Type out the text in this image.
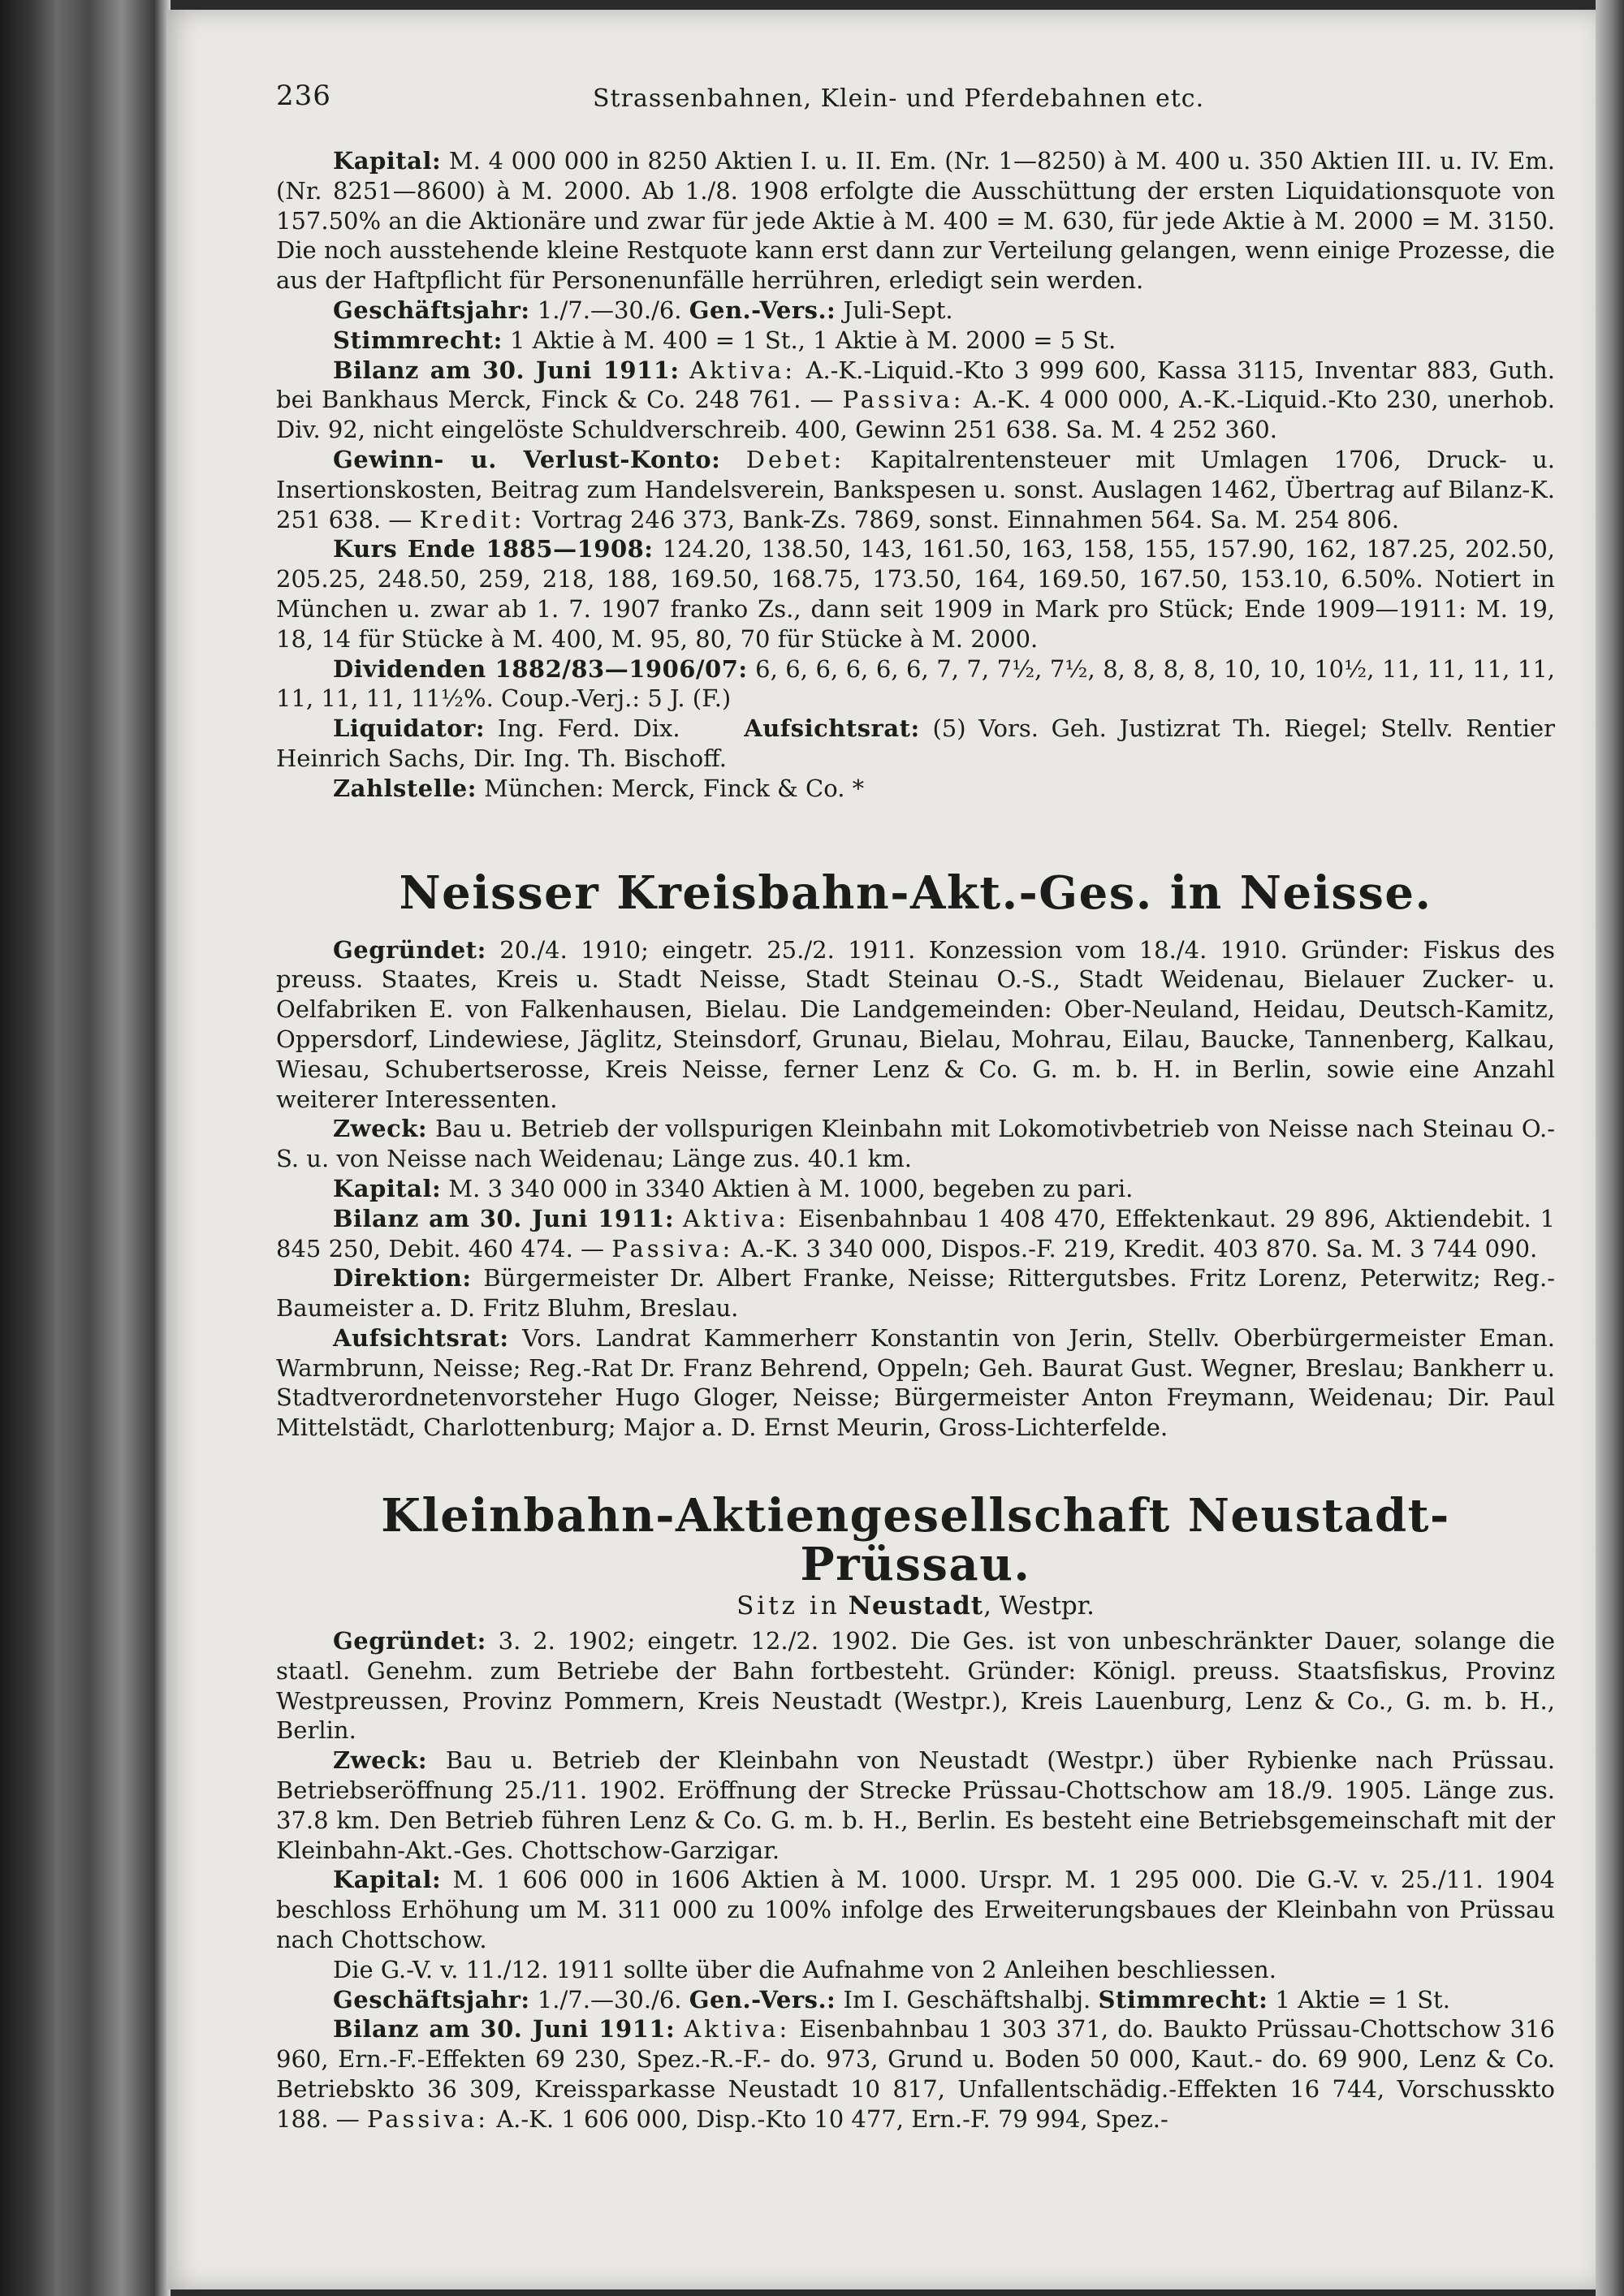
236	Strassenbahnen, Klein- und Pferdebahnen etc.

Kapital: M. 4 000 000 in 8250 Aktien I. u. II. Em. (Nr. 1—8250) à M. 400 u. 350 Aktien III. u. IV. Em. (Nr. 8251—8600) à M. 2000. Ab 1./8. 1908 erfolgte die Ausschüttung der ersten Liquidationsquote von 157.50% an die Aktionäre und zwar für jede Aktie à M. 400 = M. 630, für jede Aktie à M. 2000 = M. 3150. Die noch ausstehende kleine Restquote kann erst dann zur Verteilung gelangen, wenn einige Prozesse, die aus der Haftpflicht für Personenunfälle herrühren, erledigt sein werden.

Geschäftsjahr: 1./7.—30./6. Gen.-Vers.: Juli-Sept.

Stimmrecht: 1 Aktie à M. 400 = 1 St., 1 Aktie à M. 2000 = 5 St.

Bilanz am 30. Juni 1911: Aktiva: A.-K.-Liquid.-Kto 3 999 600, Kassa 3115, Inventar 883, Guth. bei Bankhaus Merck, Finck & Co. 248 761. — Passiva: A.-K. 4 000 000, A.-K.-Liquid.-Kto 230, unerhob. Div. 92, nicht eingelöste Schuldverschreib. 400, Gewinn 251 638. Sa. M. 4 252 360.

Gewinn- u. Verlust-Konto: Debet: Kapitalrentensteuer mit Umlagen 1706, Druck- u. Insertionskosten, Beitrag zum Handelsverein, Bankspesen u. sonst. Auslagen 1462, Übertrag auf Bilanz-K. 251 638. — Kredit: Vortrag 246 373, Bank-Zs. 7869, sonst. Einnahmen 564. Sa. M. 254 806.

Kurs Ende 1885—1908: 124.20, 138.50, 143, 161.50, 163, 158, 155, 157.90, 162, 187.25, 202.50, 205.25, 248.50, 259, 218, 188, 169.50, 168.75, 173.50, 164, 169.50, 167.50, 153.10, 6.50%. Notiert in München u. zwar ab 1. 7. 1907 franko Zs., dann seit 1909 in Mark pro Stück; Ende 1909—1911: M. 19, 18, 14 für Stücke à M. 400, M. 95, 80, 70 für Stücke à M. 2000.

Dividenden 1882/83—1906/07: 6, 6, 6, 6, 6, 6, 7, 7, 7½, 7½, 8, 8, 8, 8, 10, 10, 10½, 11, 11, 11, 11, 11, 11, 11, 11½%. Coup.-Verj.: 5 J. (F.)

Liquidator: Ing. Ferd. Dix.	Aufsichtsrat: (5) Vors. Geh. Justizrat Th. Riegel; Stellv. Rentier Heinrich Sachs, Dir. Ing. Th. Bischoff.

Zahlstelle: München: Merck, Finck & Co. *

Neisser Kreisbahn-Akt.-Ges. in Neisse.

Gegründet: 20./4. 1910; eingetr. 25./2. 1911. Konzession vom 18./4. 1910. Gründer: Fiskus des preuss. Staates, Kreis u. Stadt Neisse, Stadt Steinau O.-S., Stadt Weidenau, Bielauer Zucker- u. Oelfabriken E. von Falkenhausen, Bielau. Die Landgemeinden: Ober-Neuland, Heidau, Deutsch-Kamitz, Oppersdorf, Lindewiese, Jäglitz, Steinsdorf, Grunau, Bielau, Mohrau, Eilau, Baucke, Tannenberg, Kalkau, Wiesau, Schubertserosse, Kreis Neisse, ferner Lenz & Co. G. m. b. H. in Berlin, sowie eine Anzahl weiterer Interessenten.

Zweck: Bau u. Betrieb der vollspurigen Kleinbahn mit Lokomotivbetrieb von Neisse nach Steinau O.-S. u. von Neisse nach Weidenau; Länge zus. 40.1 km.

Kapital: M. 3 340 000 in 3340 Aktien à M. 1000, begeben zu pari.

Bilanz am 30. Juni 1911: Aktiva: Eisenbahnbau 1 408 470, Effektenkaut. 29 896, Aktiendebit. 1 845 250, Debit. 460 474. — Passiva: A.-K. 3 340 000, Dispos.-F. 219, Kredit. 403 870. Sa. M. 3 744 090.

Direktion: Bürgermeister Dr. Albert Franke, Neisse; Rittergutsbes. Fritz Lorenz, Peterwitz; Reg.-Baumeister a. D. Fritz Bluhm, Breslau.

Aufsichtsrat: Vors. Landrat Kammerherr Konstantin von Jerin, Stellv. Oberbürgermeister Eman. Warmbrunn, Neisse; Reg.-Rat Dr. Franz Behrend, Oppeln; Geh. Baurat Gust. Wegner, Breslau; Bankherr u. Stadtverordnetenvorsteher Hugo Gloger, Neisse; Bürgermeister Anton Freymann, Weidenau; Dir. Paul Mittelstädt, Charlottenburg; Major a. D. Ernst Meurin, Gross-Lichterfelde.

Kleinbahn-Aktiengesellschaft Neustadt-Prüssau.
Sitz in Neustadt, Westpr.

Gegründet: 3. 2. 1902; eingetr. 12./2. 1902. Die Ges. ist von unbeschränkter Dauer, solange die staatl. Genehm. zum Betriebe der Bahn fortbesteht. Gründer: Königl. preuss. Staatsfiskus, Provinz Westpreussen, Provinz Pommern, Kreis Neustadt (Westpr.), Kreis Lauenburg, Lenz & Co., G. m. b. H., Berlin.

Zweck: Bau u. Betrieb der Kleinbahn von Neustadt (Westpr.) über Rybienke nach Prüssau. Betriebseröffnung 25./11. 1902. Eröffnung der Strecke Prüssau-Chottschow am 18./9. 1905. Länge zus. 37.8 km. Den Betrieb führen Lenz & Co. G. m. b. H., Berlin. Es besteht eine Betriebsgemeinschaft mit der Kleinbahn-Akt.-Ges. Chottschow-Garzigar.

Kapital: M. 1 606 000 in 1606 Aktien à M. 1000. Urspr. M. 1 295 000. Die G.-V. v. 25./11. 1904 beschloss Erhöhung um M. 311 000 zu 100% infolge des Erweiterungsbaues der Kleinbahn von Prüssau nach Chottschow.

Die G.-V. v. 11./12. 1911 sollte über die Aufnahme von 2 Anleihen beschliessen.

Geschäftsjahr: 1./7.—30./6. Gen.-Vers.: Im I. Geschäftshalbj. Stimmrecht: 1 Aktie = 1 St.

Bilanz am 30. Juni 1911: Aktiva: Eisenbahnbau 1 303 371, do. Baukto Prüssau-Chottschow 316 960, Ern.-F.-Effekten 69 230, Spez.-R.-F.- do. 973, Grund u. Boden 50 000, Kaut.- do. 69 900, Lenz & Co. Betriebskto 36 309, Kreissparkasse Neustadt 10 817, Unfallentschädig.-Effekten 16 744, Vorschusskto 188. — Passiva: A.-K. 1 606 000, Disp.-Kto 10 477, Ern.-F. 79 994, Spez.-
